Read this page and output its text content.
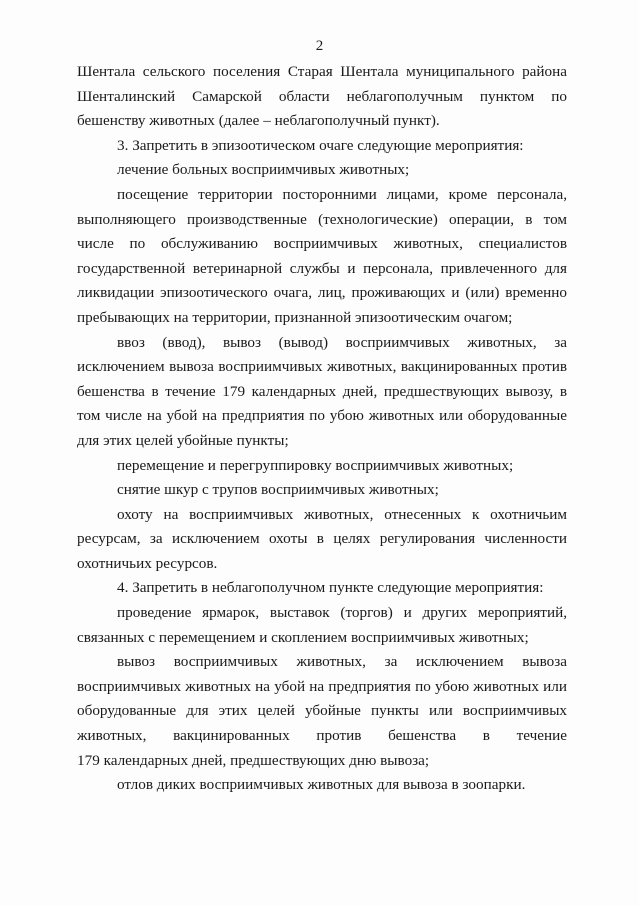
2
Шентала сельского поселения Старая Шентала муниципального района
Шенталинский Самарской области неблагополучным пунктом по
бешенству животных (далее – неблагополучный пункт).
3. Запретить в эпизоотическом очаге следующие мероприятия:
лечение больных восприимчивых животных;
посещение территории посторонними лицами, кроме персонала,
выполняющего производственные (технологические) операции, в том
числе по обслуживанию восприимчивых животных, специалистов
государственной ветеринарной службы и персонала, привлеченного для
ликвидации эпизоотического очага, лиц, проживающих и (или) временно
пребывающих на территории, признанной эпизоотическим очагом;
ввоз (ввод), вывоз (вывод) восприимчивых животных, за
исключением вывоза восприимчивых животных, вакцинированных против
бешенства в течение 179 календарных дней, предшествующих вывозу, в
том числе на убой на предприятия по убою животных или оборудованные
для этих целей убойные пункты;
перемещение и перегруппировку восприимчивых животных;
снятие шкур с трупов восприимчивых животных;
охоту на восприимчивых животных, отнесенных к охотничьим
ресурсам, за исключением охоты в целях регулирования численности
охотничьих ресурсов.
4. Запретить в неблагополучном пункте следующие мероприятия:
проведение ярмарок, выставок (торгов) и других мероприятий,
связанных с перемещением и скоплением восприимчивых животных;
вывоз восприимчивых животных, за исключением вывоза
восприимчивых животных на убой на предприятия по убою животных или
оборудованные для этих целей убойные пункты или восприимчивых
животных, вакцинированных против бешенства в течение
179 календарных дней, предшествующих дню вывоза;
отлов диких восприимчивых животных для вывоза в зоопарки.
